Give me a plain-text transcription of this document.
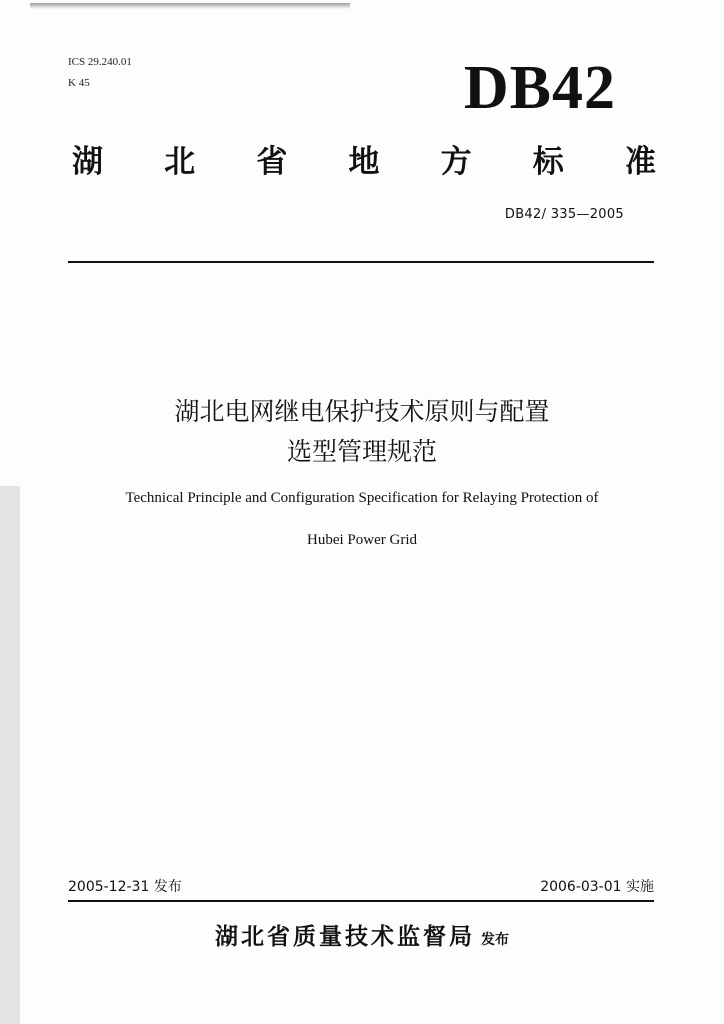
ICS 29.240.01
K 45	DB42
湖 北 省 地 方 标 准
DB42/ 335—2005
湖北电网继电保护技术原则与配置
选型管理规范
Technical Principle and Configuration Specification for Relaying Protection of
Hubei Power Grid
2005-12-31 发布	2006-03-01 实施
湖北省质量技术监督局 发布
